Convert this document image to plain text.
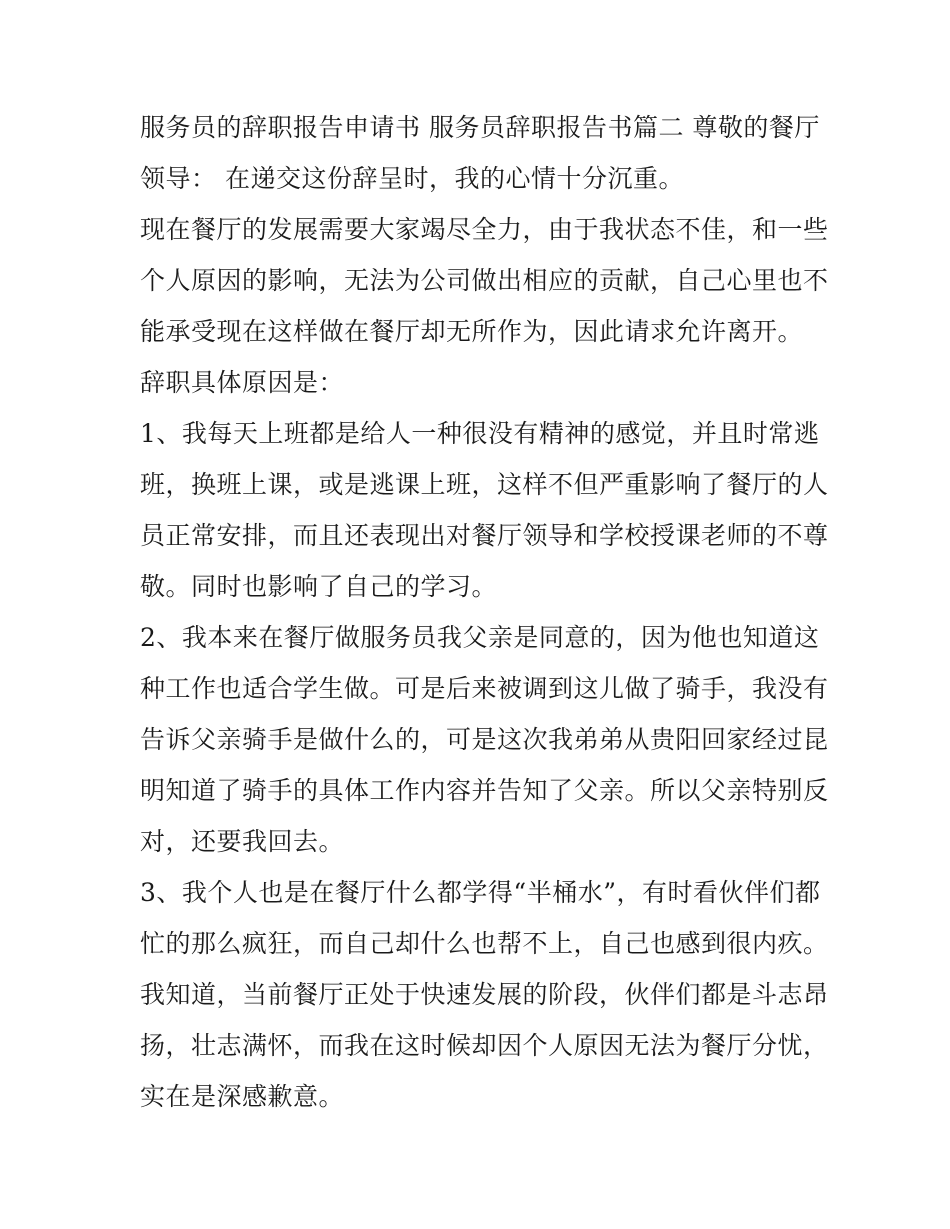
服务员的辞职报告申请书 服务员辞职报告书篇二 尊敬的餐厅
领导： 在递交这份辞呈时，我的心情十分沉重。
现在餐厅的发展需要大家竭尽全力，由于我状态不佳，和一些
个人原因的影响，无法为公司做出相应的贡献，自己心里也不
能承受现在这样做在餐厅却无所作为，因此请求允许离开。
辞职具体原因是：
1、我每天上班都是给人一种很没有精神的感觉，并且时常逃
班，换班上课，或是逃课上班，这样不但严重影响了餐厅的人
员正常安排，而且还表现出对餐厅领导和学校授课老师的不尊
敬。同时也影响了自己的学习。
2、我本来在餐厅做服务员我父亲是同意的，因为他也知道这
种工作也适合学生做。可是后来被调到这儿做了骑手，我没有
告诉父亲骑手是做什么的，可是这次我弟弟从贵阳回家经过昆
明知道了骑手的具体工作内容并告知了父亲。所以父亲特别反
对，还要我回去。
3、我个人也是在餐厅什么都学得“半桶水”，有时看伙伴们都
忙的那么疯狂，而自己却什么也帮不上，自己也感到很内疚。
我知道，当前餐厅正处于快速发展的阶段，伙伴们都是斗志昂
扬，壮志满怀，而我在这时候却因个人原因无法为餐厅分忧，
实在是深感歉意。
